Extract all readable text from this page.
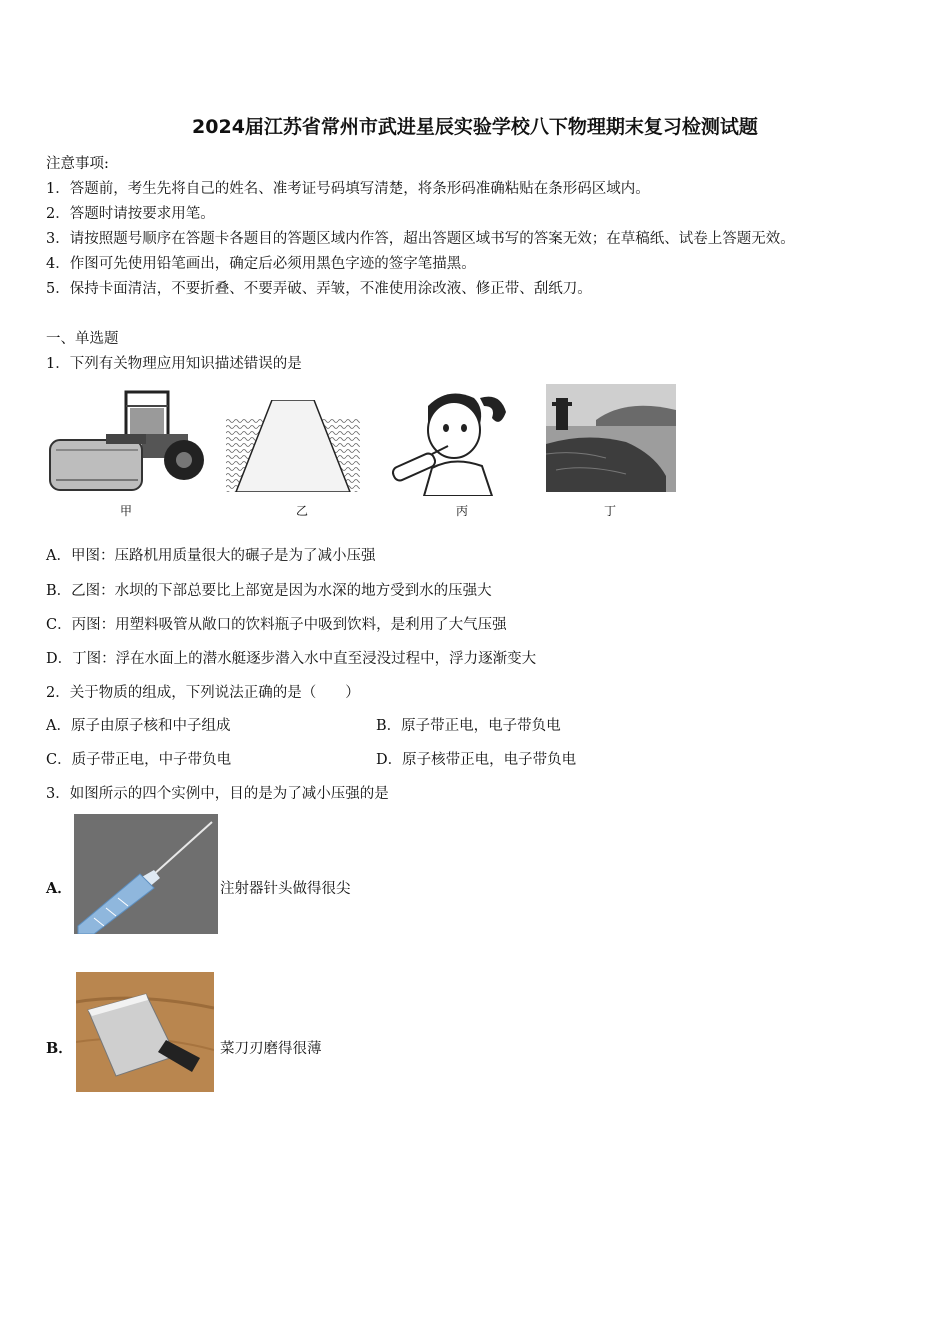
2024届江苏省常州市武进星辰实验学校八下物理期末复习检测试题
注意事项:
1．答题前，考生先将自己的姓名、准考证号码填写清楚，将条形码准确粘贴在条形码区域内。
2．答题时请按要求用笔。
3．请按照题号顺序在答题卡各题目的答题区域内作答，超出答题区域书写的答案无效；在草稿纸、试卷上答题无效。
4．作图可先使用铅笔画出，确定后必须用黑色字迹的签字笔描黑。
5．保持卡面清洁，不要折叠、不要弄破、弄皱，不准使用涂改液、修正带、刮纸刀。
一、单选题
1．下列有关物理应用知识描述错误的是
甲	乙	丙	丁
A．甲图：压路机用质量很大的碾子是为了减小压强
B．乙图：水坝的下部总要比上部宽是因为水深的地方受到水的压强大
C．丙图：用塑料吸管从敞口的饮料瓶子中吸到饮料，是利用了大气压强
D．丁图：浮在水面上的潜水艇逐步潜入水中直至浸没过程中，浮力逐渐变大
2．关于物质的组成，下列说法正确的是（　　）
A．原子由原子核和中子组成	B．原子带正电，电子带负电
C．质子带正电，中子带负电	D．原子核带正电，电子带负电
3．如图所示的四个实例中，目的是为了减小压强的是
A．	注射器针头做得很尖
B．	菜刀刃磨得很薄
